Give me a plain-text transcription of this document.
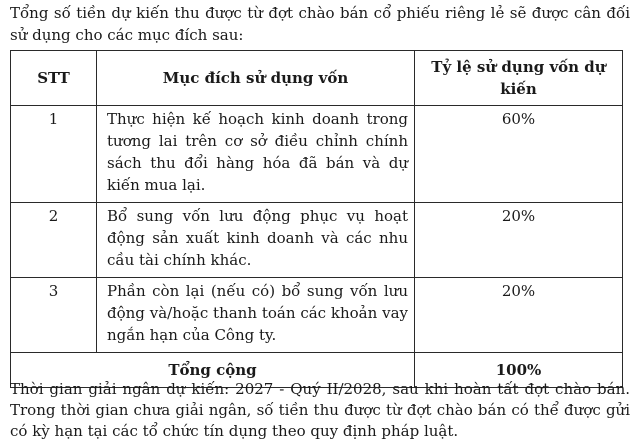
Tổng số tiền dự kiến thu được từ đợt chào bán cổ phiếu riêng lẻ sẽ được cân đối sử dụng cho các mục đích sau:
STT	Mục đích sử dụng vốn	Tỷ lệ sử dụng vốn dự kiến
1	Thực hiện kế hoạch kinh doanh trong tương lai trên cơ sở điều chỉnh chính sách thu đổi hàng hóa đã bán và dự kiến mua lại.	60%
2	Bổ sung vốn lưu động phục vụ hoạt động sản xuất kinh doanh và các nhu cầu tài chính khác.	20%
3	Phần còn lại (nếu có) bổ sung vốn lưu động và/hoặc thanh toán các khoản vay ngắn hạn của Công ty.	20%
Tổng cộng		100%
Thời gian giải ngân dự kiến: 2027 - Quý II/2028, sau khi hoàn tất đợt chào bán. Trong thời gian chưa giải ngân, số tiền thu được từ đợt chào bán có thể được gửi có kỳ hạn tại các tổ chức tín dụng theo quy định pháp luật.
